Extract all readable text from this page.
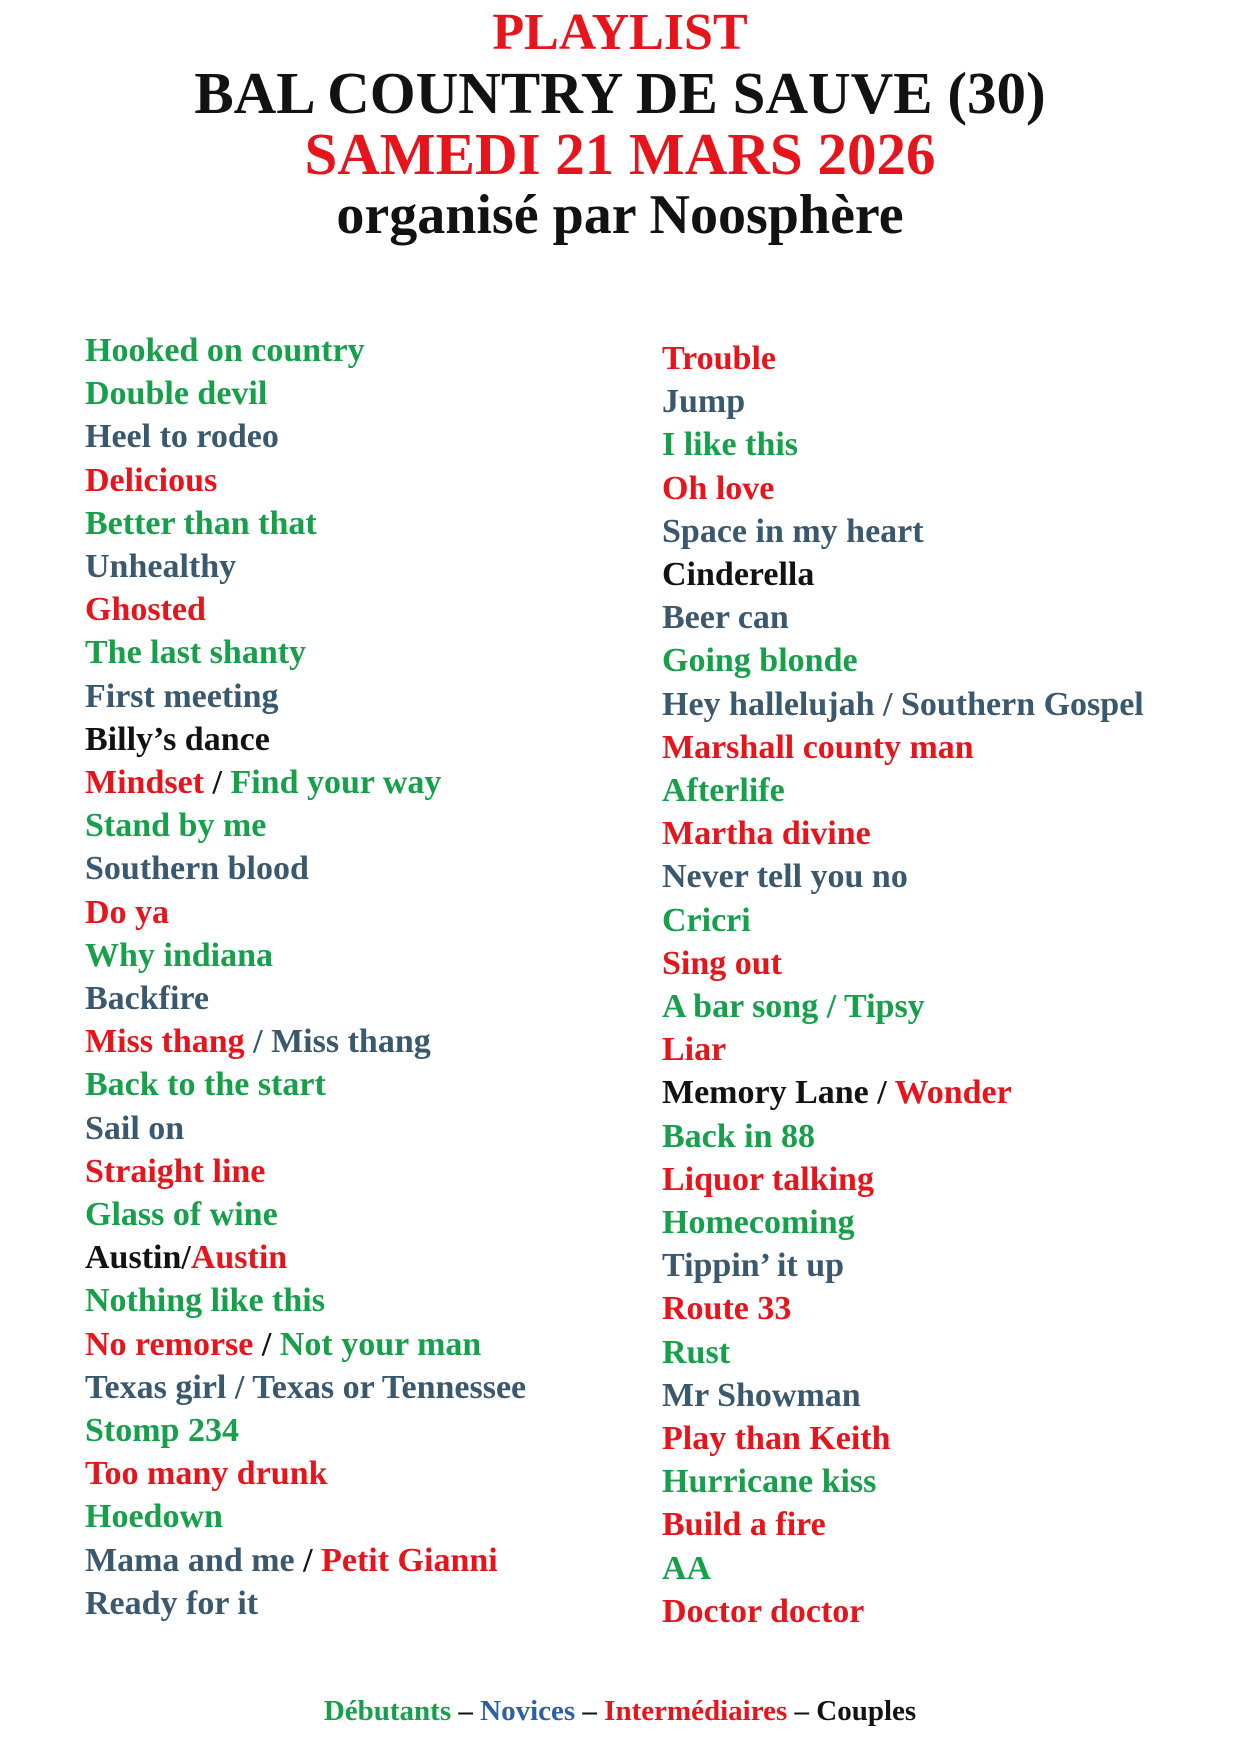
PLAYLIST
BAL COUNTRY DE SAUVE (30)
SAMEDI 21 MARS 2026
organisé par Noosphère
Hooked on country
Double devil
Heel to rodeo
Delicious
Better than that
Unhealthy
Ghosted
The last shanty
First meeting
Billy’s dance
Mindset / Find your way
Stand by me
Southern blood
Do ya
Why indiana
Backfire
Miss thang / Miss thang
Back to the start
Sail on
Straight line
Glass of wine
Austin/Austin
Nothing like this
No remorse / Not your man
Texas girl / Texas or Tennessee
Stomp 234
Too many drunk
Hoedown
Mama and me / Petit Gianni
Ready for it
Trouble
Jump
I like this
Oh love
Space in my heart
Cinderella
Beer can
Going blonde
Hey hallelujah / Southern Gospel
Marshall county man
Afterlife
Martha divine
Never tell you no
Cricri
Sing out
A bar song / Tipsy
Liar
Memory Lane / Wonder
Back in 88
Liquor talking
Homecoming
Tippin’ it up
Route 33
Rust
Mr Showman
Play than Keith
Hurricane kiss
Build a fire
AA
Doctor doctor
Débutants – Novices – Intermédiaires – Couples
